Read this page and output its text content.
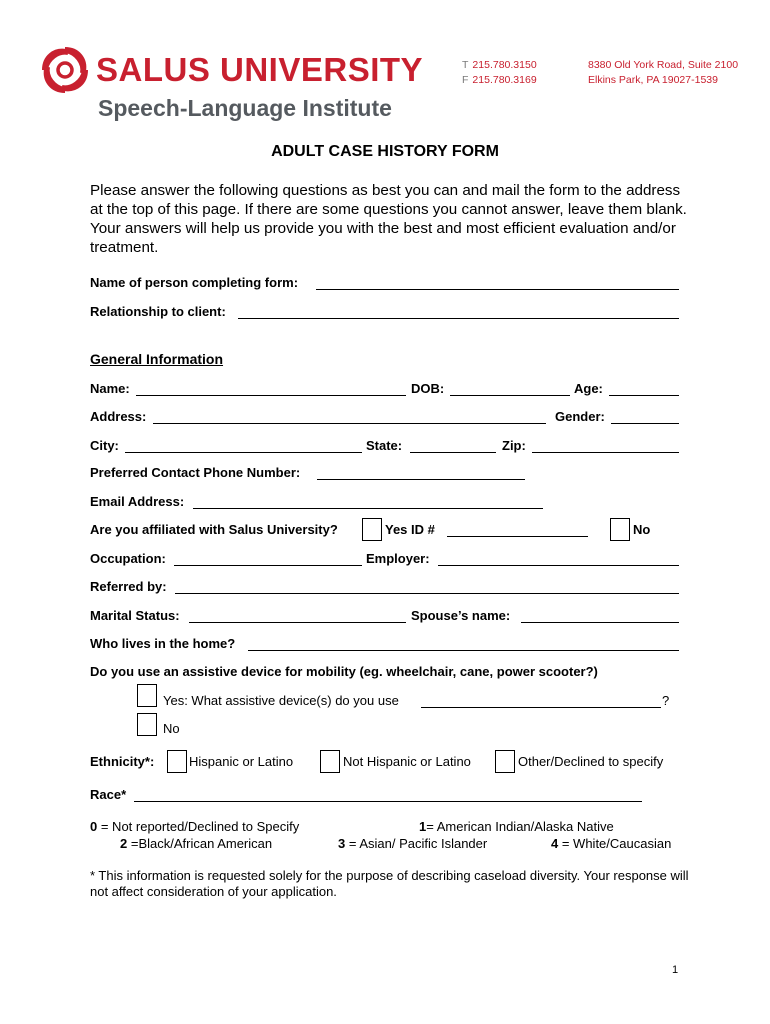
SALUS UNIVERSITY
Speech-Language Institute
T 215.780.3150
F 215.780.3169
8380 Old York Road, Suite 2100
Elkins Park, PA 19027-1539
ADULT CASE HISTORY FORM
Please answer the following questions as best you can and mail the form to the address at the top of this page. If there are some questions you cannot answer, leave them blank. Your answers will help us provide you with the best and most efficient evaluation and/or treatment.
Name of person completing form:
Relationship to client:
General Information
Name:	DOB:	Age:
Address:	Gender:
City:	State:	Zip:
Preferred Contact Phone Number:
Email Address:
Are you affiliated with Salus University?	Yes ID #	No
Occupation:	Employer:
Referred by:
Marital Status:	Spouse’s name:
Who lives in the home?
Do you use an assistive device for mobility (eg. wheelchair, cane, power scooter?)
Yes: What assistive device(s) do you use	?
No
Ethnicity*:	Hispanic or Latino	Not Hispanic or Latino	Other/Declined to specify
Race*
0 = Not reported/Declined to Specify	1= American Indian/Alaska Native
2 =Black/African American	3 = Asian/ Pacific Islander	4 = White/Caucasian
* This information is requested solely for the purpose of describing caseload diversity. Your response will not affect consideration of your application.
1
